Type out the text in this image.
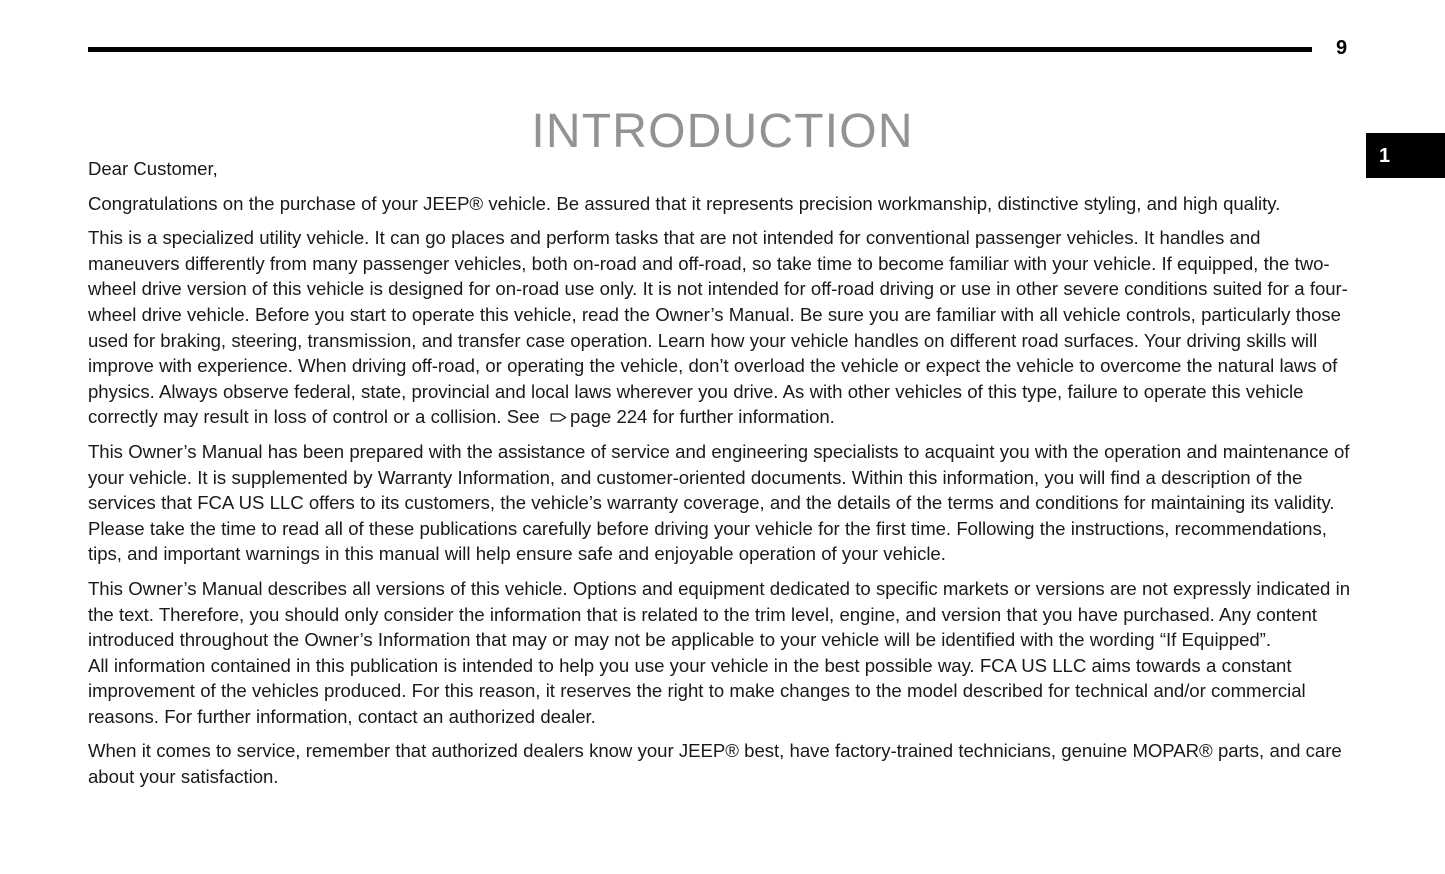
9
1
INTRODUCTION

Dear Customer,

Congratulations on the purchase of your JEEP® vehicle. Be assured that it represents precision workmanship, distinctive styling, and high quality.

This is a specialized utility vehicle. It can go places and perform tasks that are not intended for conventional passenger vehicles. It handles and maneuvers differently from many passenger vehicles, both on-road and off-road, so take time to become familiar with your vehicle. If equipped, the two-wheel drive version of this vehicle is designed for on-road use only. It is not intended for off-road driving or use in other severe conditions suited for a four-wheel drive vehicle. Before you start to operate this vehicle, read the Owner’s Manual. Be sure you are familiar with all vehicle controls, particularly those used for braking, steering, transmission, and transfer case operation. Learn how your vehicle handles on different road surfaces. Your driving skills will improve with experience. When driving off-road, or operating the vehicle, don’t overload the vehicle or expect the vehicle to overcome the natural laws of physics. Always observe federal, state, provincial and local laws wherever you drive. As with other vehicles of this type, failure to operate this vehicle correctly may result in loss of control or a collision. See
page 224 for further information.

This Owner’s Manual has been prepared with the assistance of service and engineering specialists to acquaint you with the operation and maintenance of your vehicle. It is supplemented by Warranty Information, and customer-oriented documents. Within this information, you will find a description of the services that FCA US LLC offers to its customers, the vehicle’s warranty coverage, and the details of the terms and conditions for maintaining its validity. Please take the time to read all of these publications carefully before driving your vehicle for the first time. Following the instructions, recommendations, tips, and important warnings in this manual will help ensure safe and enjoyable operation of your vehicle.

This Owner’s Manual describes all versions of this vehicle. Options and equipment dedicated to specific markets or versions are not expressly indicated in the text. Therefore, you should only consider the information that is related to the trim level, engine, and version that you have purchased. Any content introduced throughout the Owner’s Information that may or may not be applicable to your vehicle will be identified with the wording “If Equipped”.

All information contained in this publication is intended to help you use your vehicle in the best possible way. FCA US LLC aims towards a constant improvement of the vehicles produced. For this reason, it reserves the right to make changes to the model described for technical and/or commercial reasons. For further information, contact an authorized dealer.

When it comes to service, remember that authorized dealers know your JEEP® best, have factory-trained technicians, genuine MOPAR® parts, and care about your satisfaction.
